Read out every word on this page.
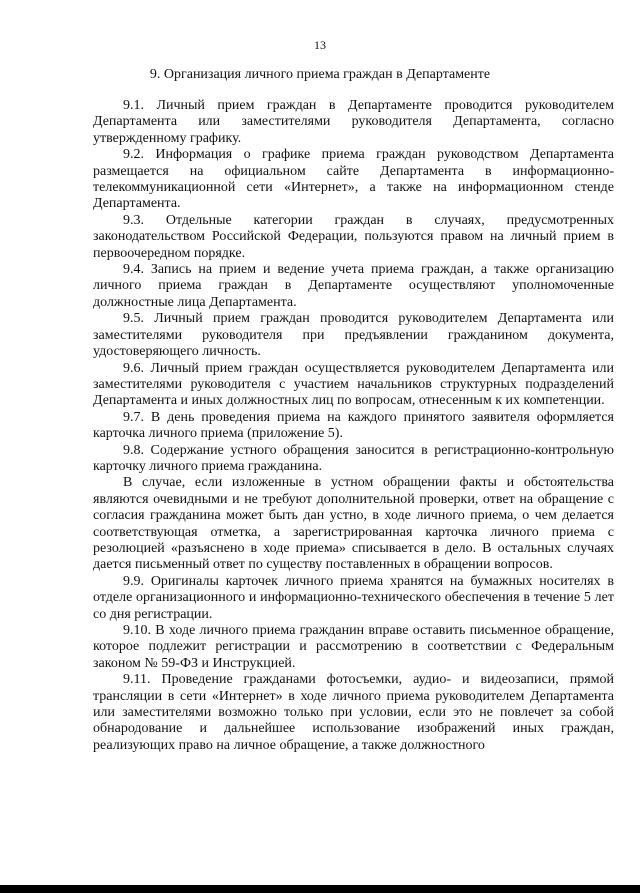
13
9. Организация личного приема граждан в Департаменте

9.1. Личный прием граждан в Департаменте проводится руководителем Департамента или заместителями руководителя Департамента, согласно утвержденному графику.

9.2. Информация о графике приема граждан руководством Департамента размещается на официальном сайте Департамента в информационно-телекоммуникационной сети «Интернет», а также на информационном стенде Департамента.

9.3. Отдельные категории граждан в случаях, предусмотренных законодательством Российской Федерации, пользуются правом на личный прием в первоочередном порядке.

9.4. Запись на прием и ведение учета приема граждан, а также организацию личного приема граждан в Департаменте осуществляют уполномоченные должностные лица Департамента.

9.5. Личный прием граждан проводится руководителем Департамента или заместителями руководителя при предъявлении гражданином документа, удостоверяющего личность.

9.6. Личный прием граждан осуществляется руководителем Департамента или заместителями руководителя с участием начальников структурных подразделений Департамента и иных должностных лиц по вопросам, отнесенным к их компетенции.

9.7. В день проведения приема на каждого принятого заявителя оформляется карточка личного приема (приложение 5).

9.8. Содержание устного обращения заносится в регистрационно-контрольную карточку личного приема гражданина.

В случае, если изложенные в устном обращении факты и обстоятельства являются очевидными и не требуют дополнительной проверки, ответ на обращение с согласия гражданина может быть дан устно, в ходе личного приема, о чем делается соответствующая отметка, а зарегистрированная карточка личного приема с резолюцией «разъяснено в ходе приема» списывается в дело. В остальных случаях дается письменный ответ по существу поставленных в обращении вопросов.

9.9. Оригиналы карточек личного приема хранятся на бумажных носителях в отделе организационного и информационно-технического обеспечения в течение 5 лет со дня регистрации.

9.10. В ходе личного приема гражданин вправе оставить письменное обращение, которое подлежит регистрации и рассмотрению в соответствии с Федеральным законом № 59-ФЗ и Инструкцией.

9.11. Проведение гражданами фотосъемки, аудио- и видеозаписи, прямой трансляции в сети «Интернет» в ходе личного приема руководителем Департамента или заместителями возможно только при условии, если это не повлечет за собой обнародование и дальнейшее использование изображений иных граждан, реализующих право на личное обращение, а также должностного
